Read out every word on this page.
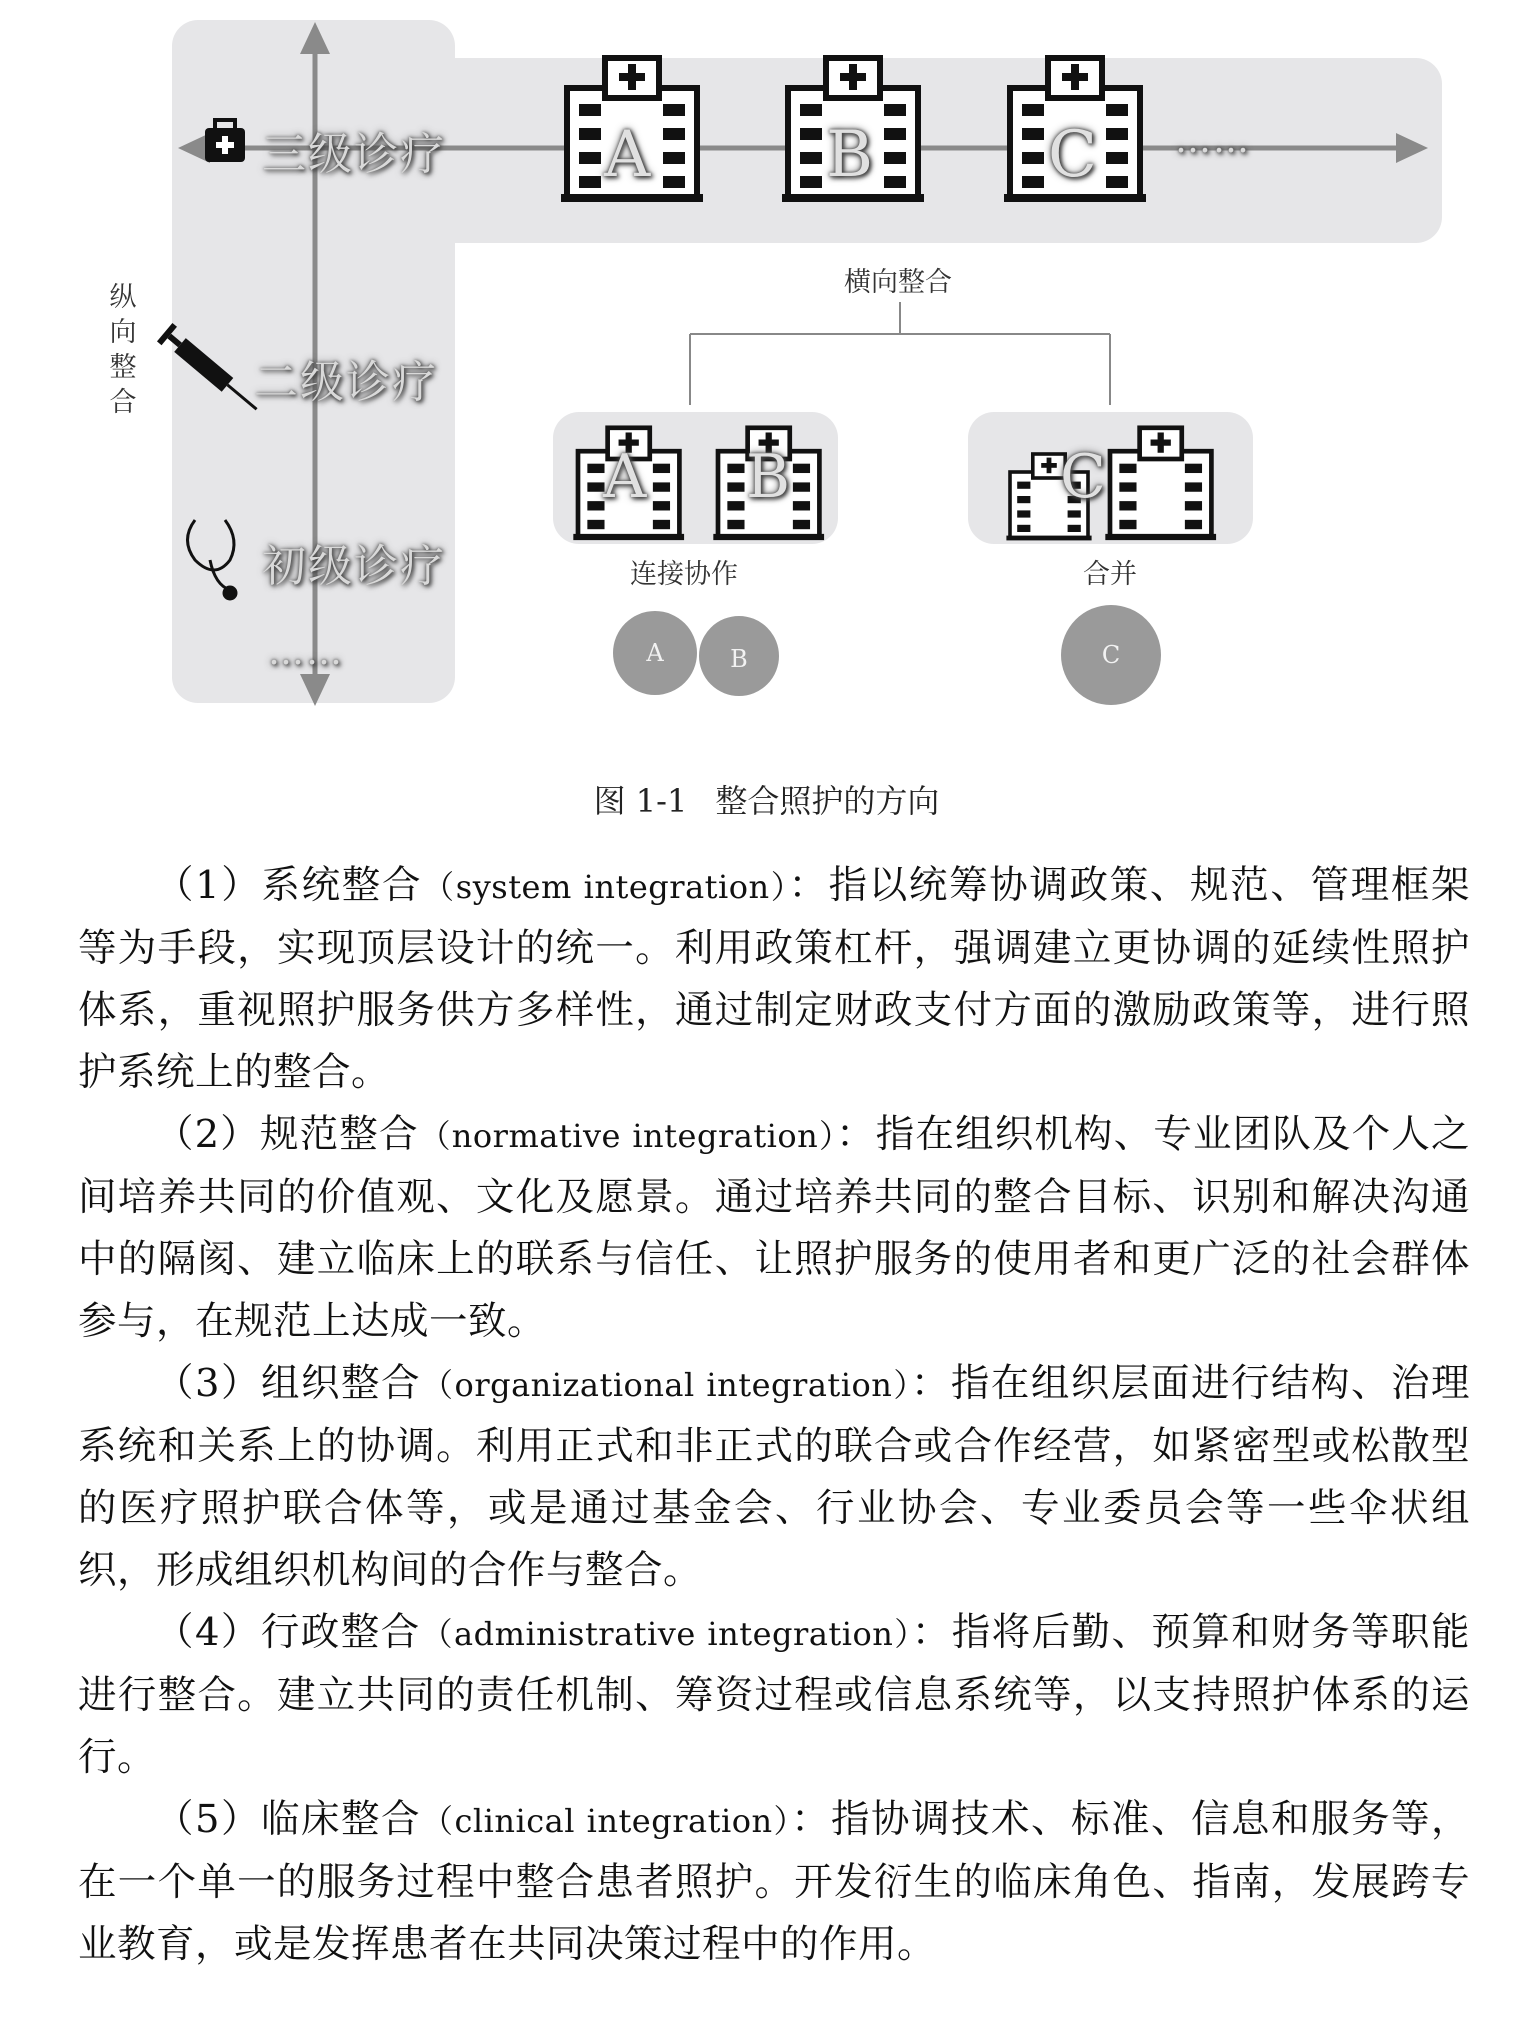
A	B	C ……
A B	C
三级诊疗
二级诊疗
初级诊疗
……
纵向整合
横向整合
连接协作	合并
A	B	C
图 1-1 整合照护的方向

（1）系统整合（system integration）：指以统筹协调政策、规范、管理框架等为手段，实现顶层设计的统一。利用政策杠杆，强调建立更协调的延续性照护体系，重视照护服务供方多样性，通过制定财政支付方面的激励政策等，进行照护系统上的整合。

（2）规范整合（normative integration）：指在组织机构、专业团队及个人之间培养共同的价值观、文化及愿景。通过培养共同的整合目标、识别和解决沟通中的隔阂、建立临床上的联系与信任、让照护服务的使用者和更广泛的社会群体参与，在规范上达成一致。

（3）组织整合（organizational integration）：指在组织层面进行结构、治理系统和关系上的协调。利用正式和非正式的联合或合作经营，如紧密型或松散型的医疗照护联合体等，或是通过基金会、行业协会、专业委员会等一些伞状组织，形成组织机构间的合作与整合。

（4）行政整合（administrative integration）：指将后勤、预算和财务等职能进行整合。建立共同的责任机制、筹资过程或信息系统等，以支持照护体系的运行。

（5）临床整合（clinical integration）：指协调技术、标准、信息和服务等，在一个单一的服务过程中整合患者照护。开发衍生的临床角色、指南，发展跨专业教育，或是发挥患者在共同决策过程中的作用。
